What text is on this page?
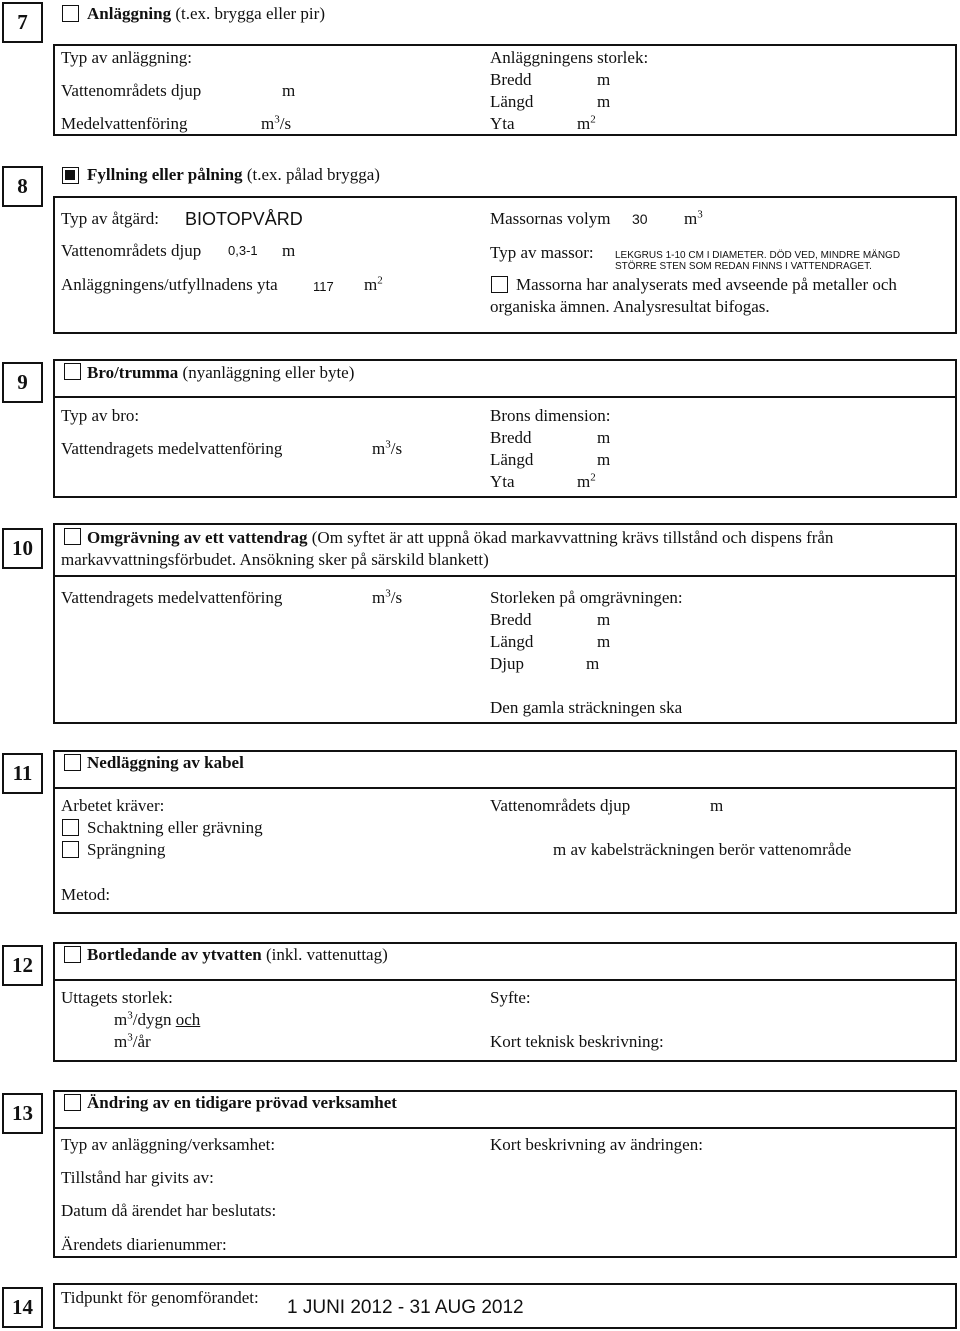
7	Anläggning (t.ex. brygga eller pir)
Typ av anläggning:
Vattenområdets djup	m
Medelvattenföring	$m^3/s$
Anläggningens storlek:
Bredd	m
Längd	m
Yta	$m^2$
8	Fyllning eller pålning (t.ex. pålad brygga)
Typ av åtgärd: BIOTOPVÅRD
Vattenområdets djup 0,3-1 m
Anläggningens/utfyllnadens yta	117 $m^2$
Massornas volym 30 $m^3$
Typ av massor: LEKGRUS 1-10 CM I DIAMETER. DÖD VED, MINDRE MÄNGD
STÖRRE STEN SOM REDAN FINNS I VATTENDRAGET.
Massorna har analyserats med avseende på metaller och
organiska ämnen. Analysresultat bifogas.
9	Bro/trumma (nyanläggning eller byte)
Typ av bro:
Vattendragets medelvattenföring	$m^3/s$
Brons dimension:
Bredd	m
Längd	m
Yta	$m^2$
10	Omgrävning av ett vattendrag (Om syftet är att uppnå ökad markavvattning krävs tillstånd och dispens från
markavvattningsförbudet. Ansökning sker på särskild blankett)
Vattendragets medelvattenföring	$m^3/s$	Storleken på omgrävningen:
Bredd	m
Längd	m
Djup	m
Den gamla sträckningen ska
11	Nedläggning av kabel
Arbetet kräver:
Schaktning eller grävning
Sprängning
Vattenområdets djup	m
m av kabelsträckningen berör vattenområde
Metod:
12	Bortledande av ytvatten (inkl. vattenuttag)
Uttagets storlek:
$m^3$/dygn och
$m^3/år$
Syfte:
Kort teknisk beskrivning:
13	Ändring av en tidigare prövad verksamhet
Typ av anläggning/verksamhet:
Tillstånd har givits av:
Datum då ärendet har beslutats:
Ärendets diarienummer:
Kort beskrivning av ändringen:
14	Tidpunkt för genomförandet: 1 JUNI 2012 - 31 AUG 2012
